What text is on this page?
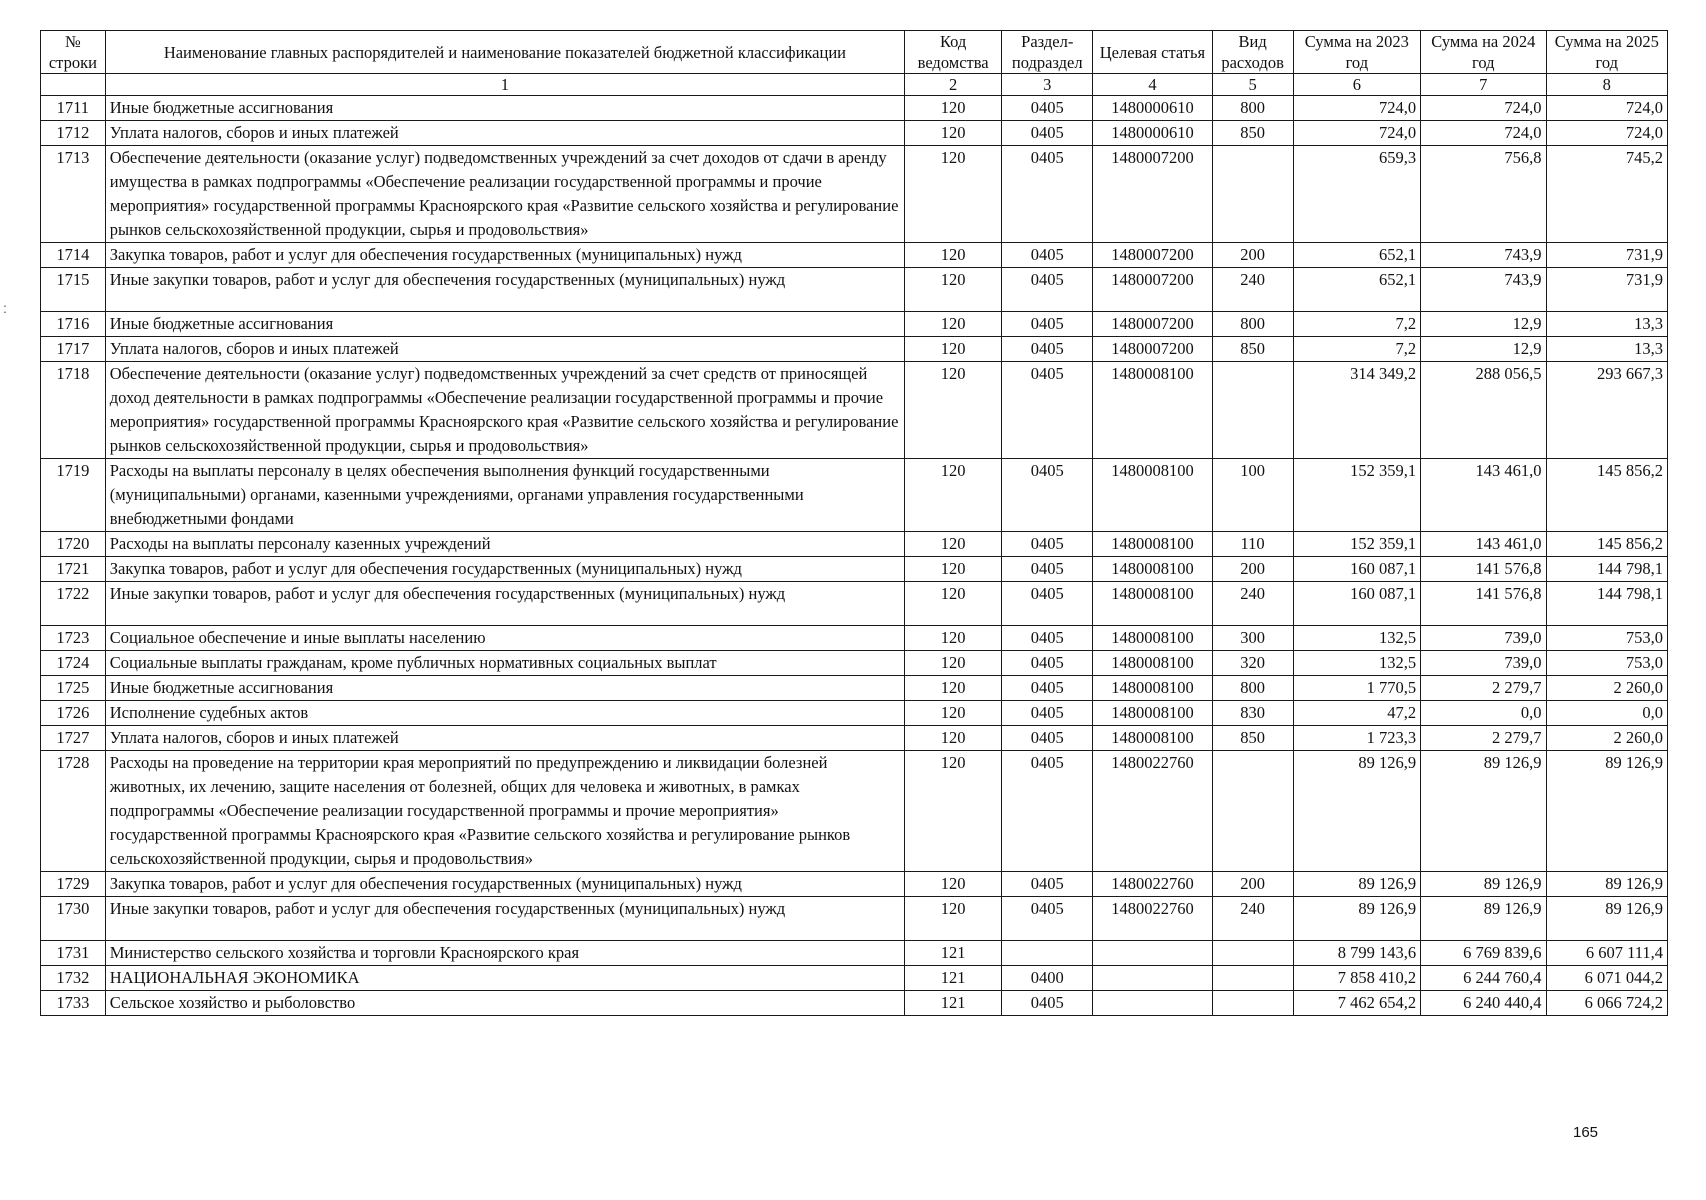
№ строки	Наименование главных распорядителей и наименование показателей бюджетной классификации	Код ведомства	Раздел-подраздел	Целевая статья	Вид расходов	Сумма на 2023 год	Сумма на 2024 год	Сумма на 2025 год
	1	2	3	4	5	6	7	8
1711	Иные бюджетные ассигнования	120	0405	1480000610	800	724,0	724,0	724,0
1712	Уплата налогов, сборов и иных платежей	120	0405	1480000610	850	724,0	724,0	724,0
1713	Обеспечение деятельности (оказание услуг) подведомственных учреждений за счет доходов от сдачи в аренду имущества в рамках подпрограммы «Обеспечение реализации государственной программы и прочие мероприятия» государственной программы Красноярского края «Развитие сельского хозяйства и регулирование рынков сельскохозяйственной продукции, сырья и продовольствия»	120	0405	1480007200		659,3	756,8	745,2
1714	Закупка товаров, работ и услуг для обеспечения государственных (муниципальных) нужд	120	0405	1480007200	200	652,1	743,9	731,9
1715	Иные закупки товаров, работ и услуг для обеспечения государственных (муниципальных) нужд	120	0405	1480007200	240	652,1	743,9	731,9
1716	Иные бюджетные ассигнования	120	0405	1480007200	800	7,2	12,9	13,3
1717	Уплата налогов, сборов и иных платежей	120	0405	1480007200	850	7,2	12,9	13,3
1718	Обеспечение деятельности (оказание услуг) подведомственных учреждений за счет средств от приносящей доход деятельности в рамках подпрограммы «Обеспечение реализации государственной программы и прочие мероприятия» государственной программы Красноярского края «Развитие сельского хозяйства и регулирование рынков сельскохозяйственной продукции, сырья и продовольствия»	120	0405	1480008100		314 349,2	288 056,5	293 667,3
1719	Расходы на выплаты персоналу в целях обеспечения выполнения функций государственными (муниципальными) органами, казенными учреждениями, органами управления государственными внебюджетными фондами	120	0405	1480008100	100	152 359,1	143 461,0	145 856,2
1720	Расходы на выплаты персоналу казенных учреждений	120	0405	1480008100	110	152 359,1	143 461,0	145 856,2
1721	Закупка товаров, работ и услуг для обеспечения государственных (муниципальных) нужд	120	0405	1480008100	200	160 087,1	141 576,8	144 798,1
1722	Иные закупки товаров, работ и услуг для обеспечения государственных (муниципальных) нужд	120	0405	1480008100	240	160 087,1	141 576,8	144 798,1
1723	Социальное обеспечение и иные выплаты населению	120	0405	1480008100	300	132,5	739,0	753,0
1724	Социальные выплаты гражданам, кроме публичных нормативных социальных выплат	120	0405	1480008100	320	132,5	739,0	753,0
1725	Иные бюджетные ассигнования	120	0405	1480008100	800	1 770,5	2 279,7	2 260,0
1726	Исполнение судебных актов	120	0405	1480008100	830	47,2	0,0	0,0
1727	Уплата налогов, сборов и иных платежей	120	0405	1480008100	850	1 723,3	2 279,7	2 260,0
1728	Расходы на проведение на территории края мероприятий по предупреждению и ликвидации болезней животных, их лечению, защите населения от болезней, общих для человека и животных, в рамках подпрограммы «Обеспечение реализации государственной программы и прочие мероприятия» государственной программы Красноярского края «Развитие сельского хозяйства и регулирование рынков сельскохозяйственной продукции, сырья и продовольствия»	120	0405	1480022760		89 126,9	89 126,9	89 126,9
1729	Закупка товаров, работ и услуг для обеспечения государственных (муниципальных) нужд	120	0405	1480022760	200	89 126,9	89 126,9	89 126,9
1730	Иные закупки товаров, работ и услуг для обеспечения государственных (муниципальных) нужд	120	0405	1480022760	240	89 126,9	89 126,9	89 126,9
1731	Министерство сельского хозяйства и торговли Красноярского края	121				8 799 143,6	6 769 839,6	6 607 111,4
1732	НАЦИОНАЛЬНАЯ ЭКОНОМИКА	121	0400			7 858 410,2	6 244 760,4	6 071 044,2
1733	Сельское хозяйство и рыболовство	121	0405			7 462 654,2	6 240 440,4	6 066 724,2
:
165
